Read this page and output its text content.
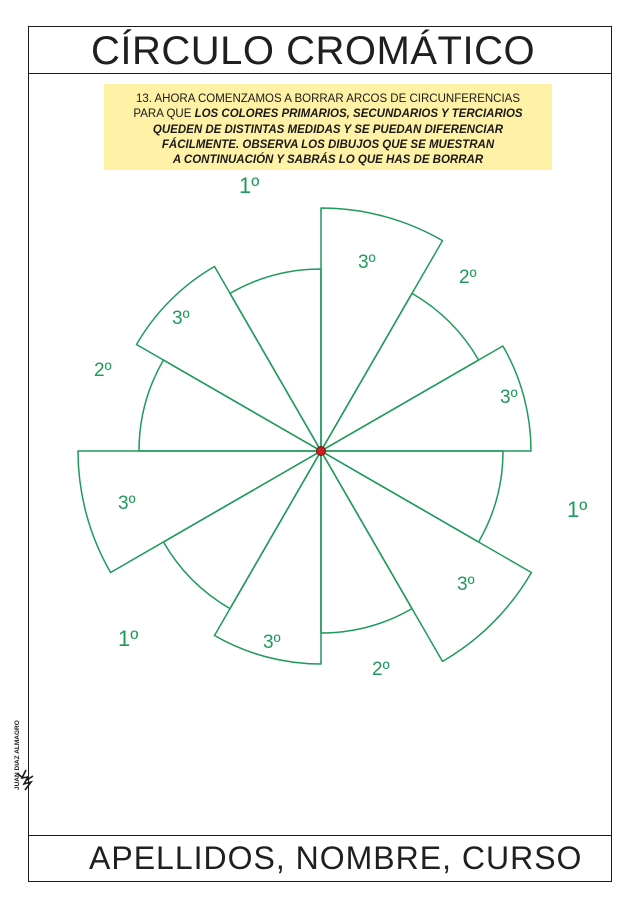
CÍRCULO CROMÁTICO
APELLIDOS, NOMBRE, CURSO
13. AHORA COMENZAMOS A BORRAR ARCOS DE CIRCUNFERENCIAS
PARA QUE LOS COLORES PRIMARIOS, SECUNDARIOS Y TERCIARIOS
QUEDEN DE DISTINTAS MEDIDAS Y SE PUEDAN DIFERENCIAR
FÁCILMENTE. OBSERVA LOS DIBUJOS QUE SE MUESTRAN
A CONTINUACIÓN Y SABRÁS LO QUE HAS DE BORRAR
1º
3º
2º
3º
1º
3º
2º
3º
1º
3º
2º
3º
JUAN DIAZ ALMAGRO
